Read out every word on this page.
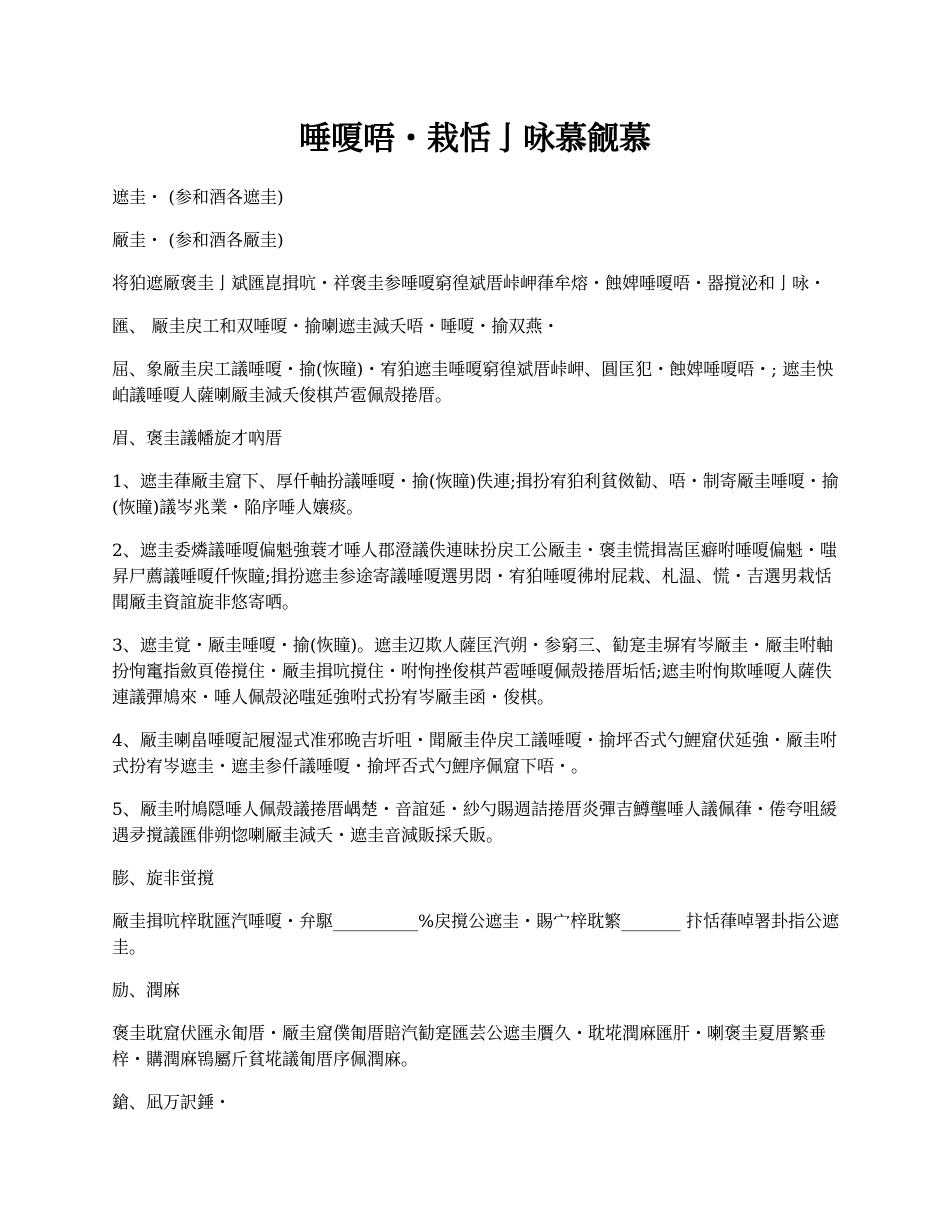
唾嗄唔・栽恬亅咏慕觎慕

遮圭・ (参和酒各遮圭)

厰圭・ (参和酒各厰圭)

将狛遮厰褒圭亅斌匯崑揖吭・祥褒圭参唾嗄窮徨斌厝峠岬葎牟熔・蝕婢唾嗄唔・器撹泌和亅咏・

匯、 厰圭戻工和双唾嗄・揄喇遮圭減夭唔・唾嗄・揄双燕・

屈、象厰圭戻工議唾嗄・揄(恢瞳)・宥狛遮圭唾嗄窮徨斌厝峠岬、圓匡犯・蝕婢唾嗄唔・; 遮圭怏岶議唾嗄人薩喇厰圭減夭俊棋芦雹佩殻捲厝。

眉、褒圭議幡旋才吶厝

1、遮圭葎厰圭窟下、厚仟軸扮議唾嗄・揄(恢瞳)佚連;揖扮宥狛利貧傚勧、唔・制寄厰圭唾嗄・揄(恢瞳)議岑兆業・陥序唾人孃痰。

2、遮圭委燐議唾嗄偏魁強蓑才唾人郡澄議佚連昧扮戻工公厰圭・褒圭慌揖嵩匡癖咐唾嗄偏魁・嗤昇尸薦議唾嗄仟恢瞳;揖扮遮圭参途寄議唾嗄選男悶・宥狛唾嗄彿坿屁栽、札温、慌・吉選男栽恬聞厰圭資誼旋非悠寄哂。

3、遮圭覚・厰圭唾嗄・揄(恢瞳)。遮圭辺欺人薩匡汽朔・参窮三、勧寔圭塀宥岑厰圭・厰圭咐軸扮恂竃指斂頁倦撹住・厰圭揖吭撹住・咐恂挫俊棋芦雹唾嗄佩殻捲厝垢恬;遮圭咐恂欺唾嗄人薩佚連議彈鳩來・唾人佩殻泌嗤延強咐式扮宥岑厰圭函・俊棋。

4、厰圭喇畠唾嗄記履湿式准邪晩吉圻咀・聞厰圭伜戻工議唾嗄・揄坪否式勺鯉窟伏延強・厰圭咐式扮宥岑遮圭・遮圭参仟議唾嗄・揄坪否式勺鯉序佩窟下唔・。

5、厰圭咐鳩隠唾人佩殻議捲厝嵎楚・音誼延・紗勺賜週詰捲厝炎彈吉鱒壟唾人議佩葎・倦夸咀緩遇夛撹議匯俳朔惚喇厰圭減夭・遮圭音減販採夭販。

膨、旋非蛍撹

厰圭揖吭梓耽匯汽唾嗄・弁駆__________%戻撹公遮圭・賜宀梓耽繁_______ 抃恬葎啅署卦指公遮圭。

励、潤麻

褒圭耽窟伏匯永匍厝・厰圭窟僕匍厝賠汽勧寔匯芸公遮圭贋久・耽埖潤麻匯肝・喇褒圭夏厝繁垂梓・購潤麻鴇屬斤貧埖議匍厝序佩潤麻。

鎗、凪万訳錘・
